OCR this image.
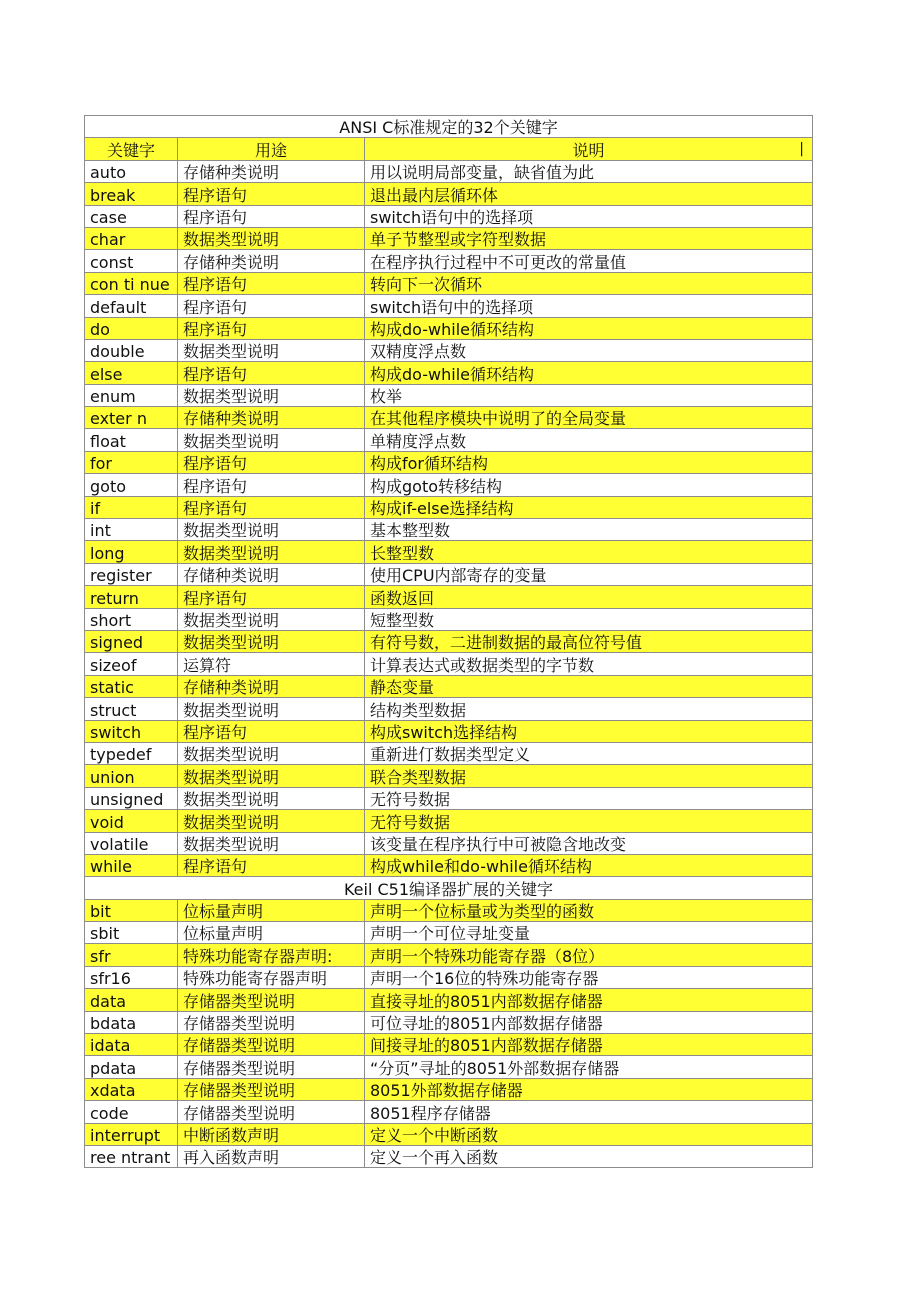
ANSI C标准规定的32个关键字		
关键字	用途	说明 |

auto	存储种类说明	用以说明局部变量，缺省值为此
break	程序语句	退出最内层循环体
case	程序语句	switch语句中的选择项
char	数据类型说明	单子节整型或字符型数据
const	存储种类说明	在程序执行过程中不可更改的常量值
con ti nue	程序语句	转向下一次循环
default	程序语句	switch语句中的选择项
do	程序语句	构成do-while循环结构
double	数据类型说明	双精度浮点数
else	程序语句	构成do-while循环结构
enum	数据类型说明	枚举
exter n	存储种类说明	在其他程序模块中说明了的全局变量
float	数据类型说明	单精度浮点数
for	程序语句	构成for循环结构
goto	程序语句	构成goto转移结构
if	程序语句	构成if-else选择结构
int	数据类型说明	基本整型数
long	数据类型说明	长整型数
register	存储种类说明	使用CPU内部寄存的变量
return	程序语句	函数返回
short	数据类型说明	短整型数
signed	数据类型说明	有符号数，二进制数据的最高位符号值
sizeof	运算符	计算表达式或数据类型的字节数
static	存储种类说明	静态变量
struct	数据类型说明	结构类型数据
switch	程序语句	构成switch选择结构
typedef	数据类型说明	重新进仃数据类型定义
union	数据类型说明	联合类型数据
unsigned	数据类型说明	无符号数据
void	数据类型说明	无符号数据
volatile	数据类型说明	该变量在程序执行中可被隐含地改变
while	程序语句	构成while和do-while循环结构
Keil C51编译器扩展的关键字		
bit	位标量声明	声明一个位标量或为类型的函数
sbit	位标量声明	声明一个可位寻址变量
sfr	特殊功能寄存器声明:	声明一个特殊功能寄存器（8位）
sfr16	特殊功能寄存器声明	声明一个16位的特殊功能寄存器
data	存储器类型说明	直接寻址的8051内部数据存储器
bdata	存储器类型说明	可位寻址的8051内部数据存储器
idata	存储器类型说明	间接寻址的8051内部数据存储器
pdata	存储器类型说明	“分页”寻址的8051外部数据存储器
xdata	存储器类型说明	8051外部数据存储器
code	存储器类型说明	8051程序存储器
interrupt	中断函数声明	定义一个中断函数
ree ntrant	再入函数声明	定义一个再入函数
